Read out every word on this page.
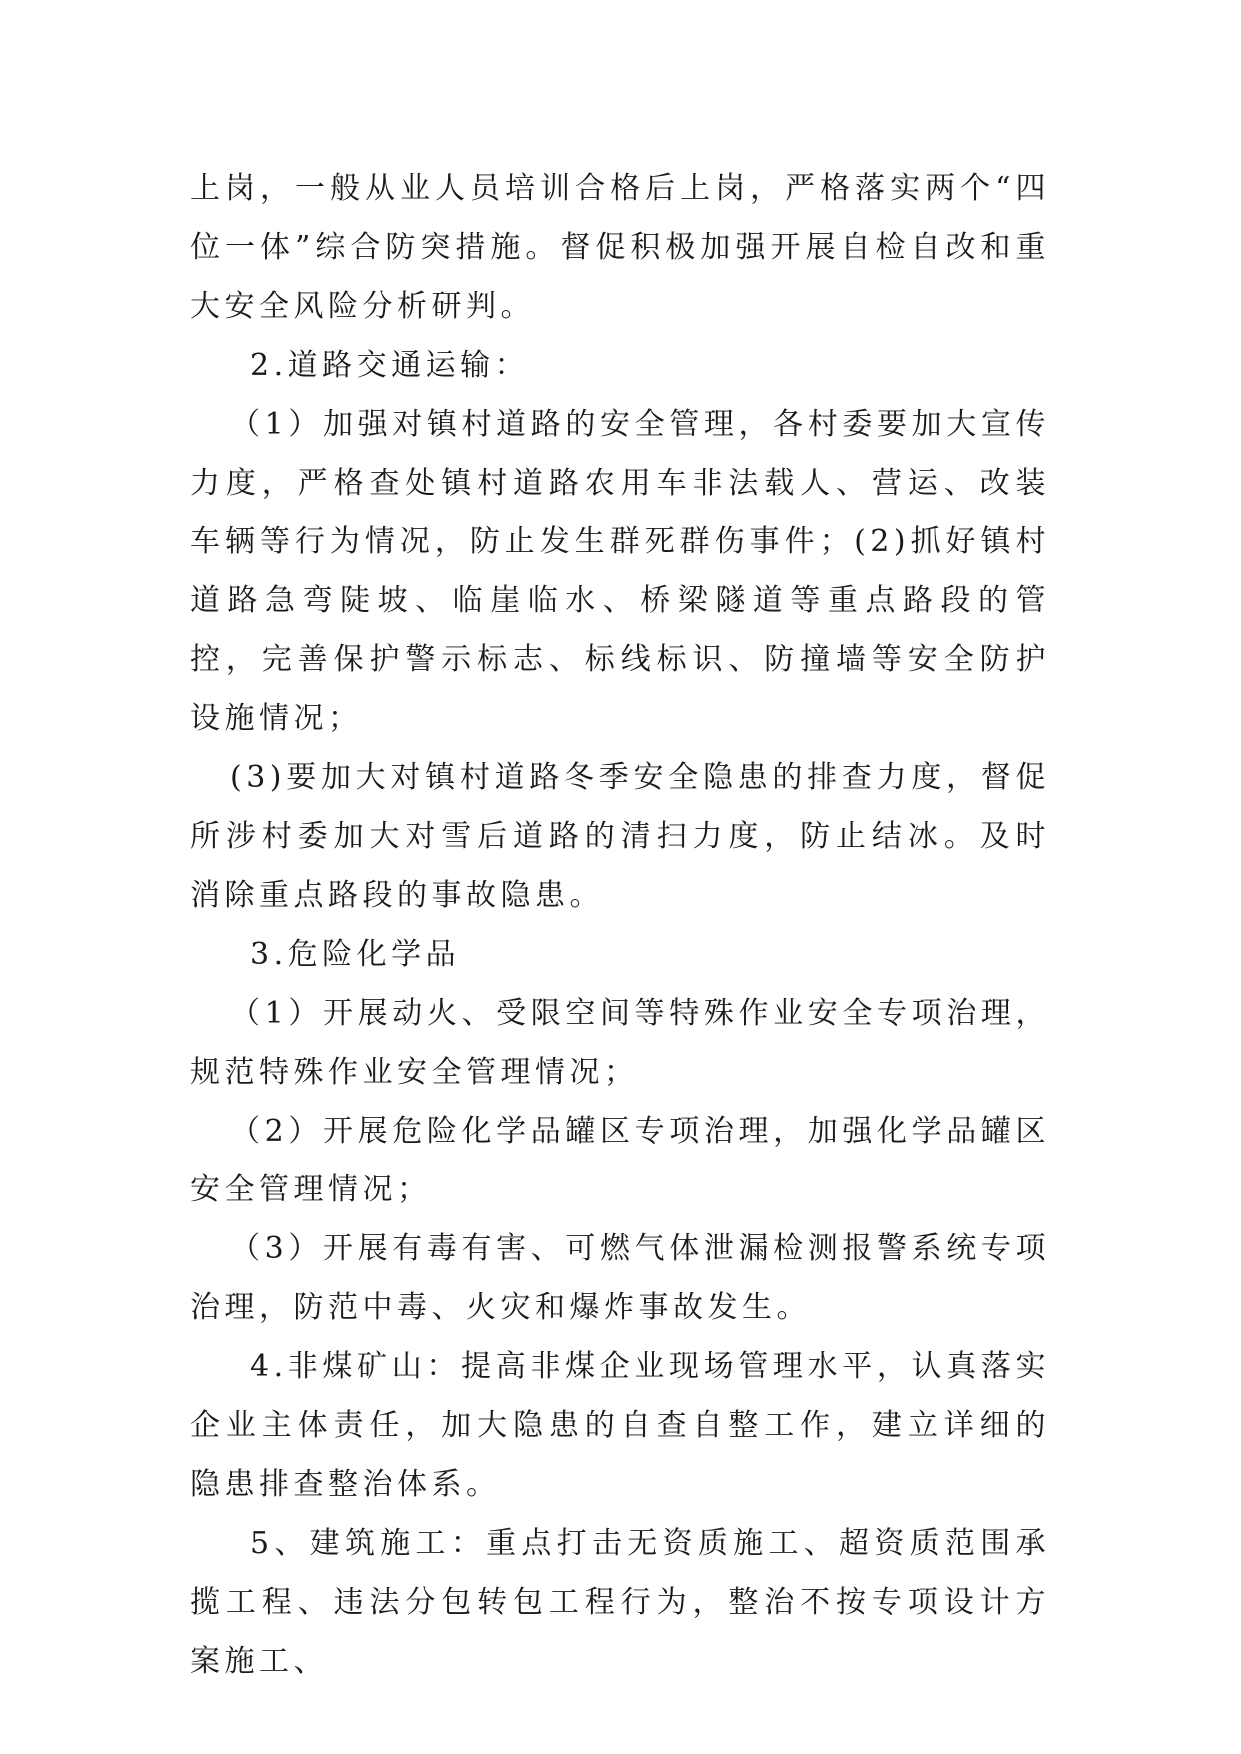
上岗，一般从业人员培训合格后上岗，严格落实两个“四位一体”综合防突措施。督促积极加强开展自检自改和重大安全风险分析研判。

2.道路交通运输：

（1）加强对镇村道路的安全管理，各村委要加大宣传力度，严格查处镇村道路农用车非法载人、营运、改装车辆等行为情况，防止发生群死群伤事件；(2)抓好镇村道路急弯陡坡、临崖临水、桥梁隧道等重点路段的管控，完善保护警示标志、标线标识、防撞墙等安全防护设施情况；

(3)要加大对镇村道路冬季安全隐患的排查力度，督促所涉村委加大对雪后道路的清扫力度，防止结冰。及时消除重点路段的事故隐患。

3.危险化学品

（1）开展动火、受限空间等特殊作业安全专项治理，规范特殊作业安全管理情况；

（2）开展危险化学品罐区专项治理，加强化学品罐区安全管理情况；

（3）开展有毒有害、可燃气体泄漏检测报警系统专项治理，防范中毒、火灾和爆炸事故发生。

4.非煤矿山：提高非煤企业现场管理水平，认真落实企业主体责任，加大隐患的自查自整工作，建立详细的隐患排查整治体系。

5、建筑施工：重点打击无资质施工、超资质范围承揽工程、违法分包转包工程行为，整治不按专项设计方案施工、
